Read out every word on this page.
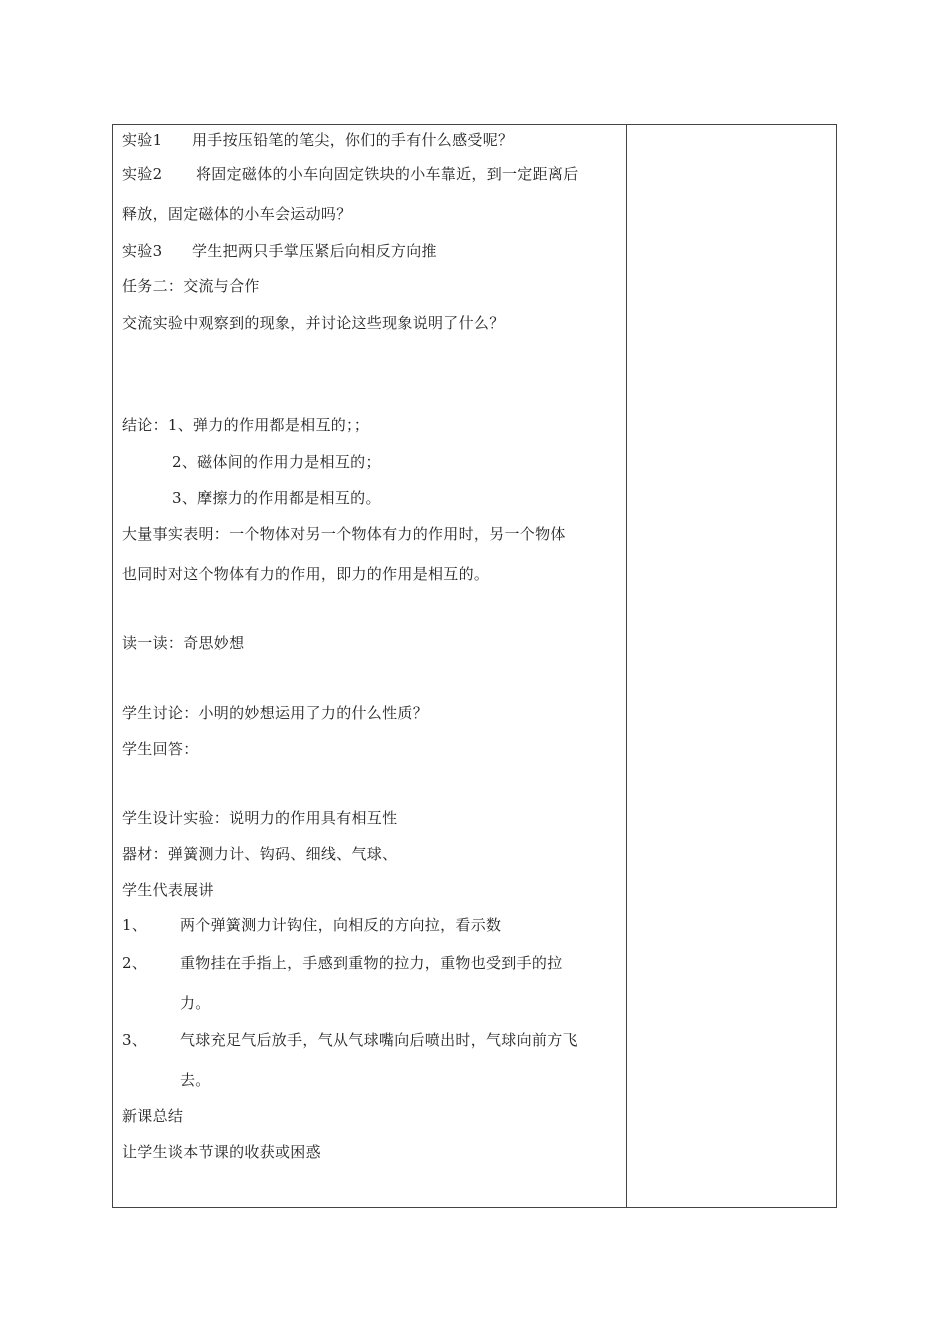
实验1 用手按压铅笔的笔尖，你们的手有什么感受呢？
实验2 将固定磁体的小车向固定铁块的小车靠近，到一定距离后
释放，固定磁体的小车会运动吗？
实验3 学生把两只手掌压紧后向相反方向推
任务二：交流与合作
交流实验中观察到的现象，并讨论这些现象说明了什么？
结论：1、弹力的作用都是相互的；；
2、磁体间的作用力是相互的；
3、摩擦力的作用都是相互的。
大量事实表明：一个物体对另一个物体有力的作用时，另一个物体
也同时对这个物体有力的作用，即力的作用是相互的。
读一读：奇思妙想
学生讨论：小明的妙想运用了力的什么性质？
学生回答：
学生设计实验：说明力的作用具有相互性
器材：弹簧测力计、钩码、细线、气球、
学生代表展讲
1、 两个弹簧测力计钩住，向相反的方向拉，看示数
2、 重物挂在手指上，手感到重物的拉力，重物也受到手的拉
力。
3、 气球充足气后放手，气从气球嘴向后喷出时，气球向前方飞
去。
新课总结
让学生谈本节课的收获或困惑
